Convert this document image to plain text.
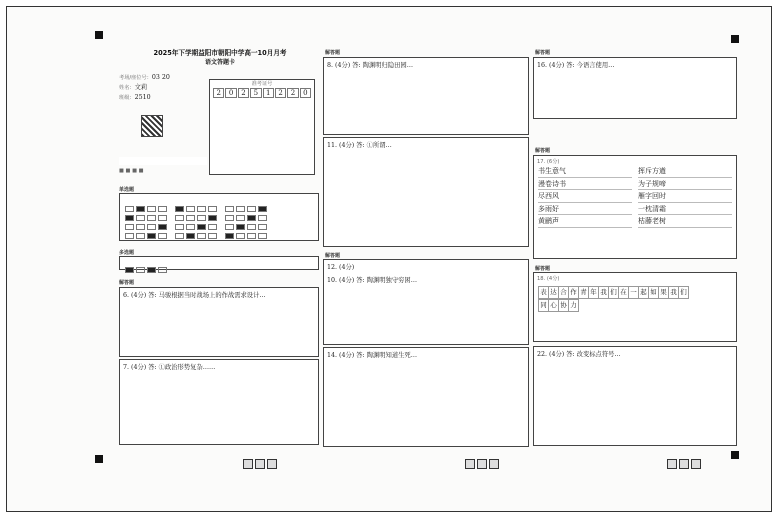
2025年下学期益阳市朝阳中学高一10月月考
语文答题卡
考场/座位号：03 20
姓名：文莉
班级：2510
准考证号
2	0	2	5	1	2	2	0
■ ■ ■ ■
单选题
多选题
解答题
6. (4分) 答: 马骏根据当时战场上的作战需求设计…
7. (4分) 答: ①政治形势复杂……
解答题
8. (4分) 答: 陶渊明归隐田园…
11. (4分) 答: ①所谓…
解答题
12. (4分)
10. (4分) 答: 陶渊明独守穷困…
14. (4分) 答: 陶渊明知道生死…
解答题
16. (4分) 答: 今语言使用…
解答题
17. (6分)
书生意气	挥斥方遒
漫卷诗书	为子规啼
尽西风	雁字回时
多雨好	一枕清霜
黄鹂声	枯藤老树
解答题
18. (4分)
表 达 合 作 青 年 我 们 在 一 起 如 果 我 们
同 心 协 力
22. (4分) 答: 改变标点符号…
